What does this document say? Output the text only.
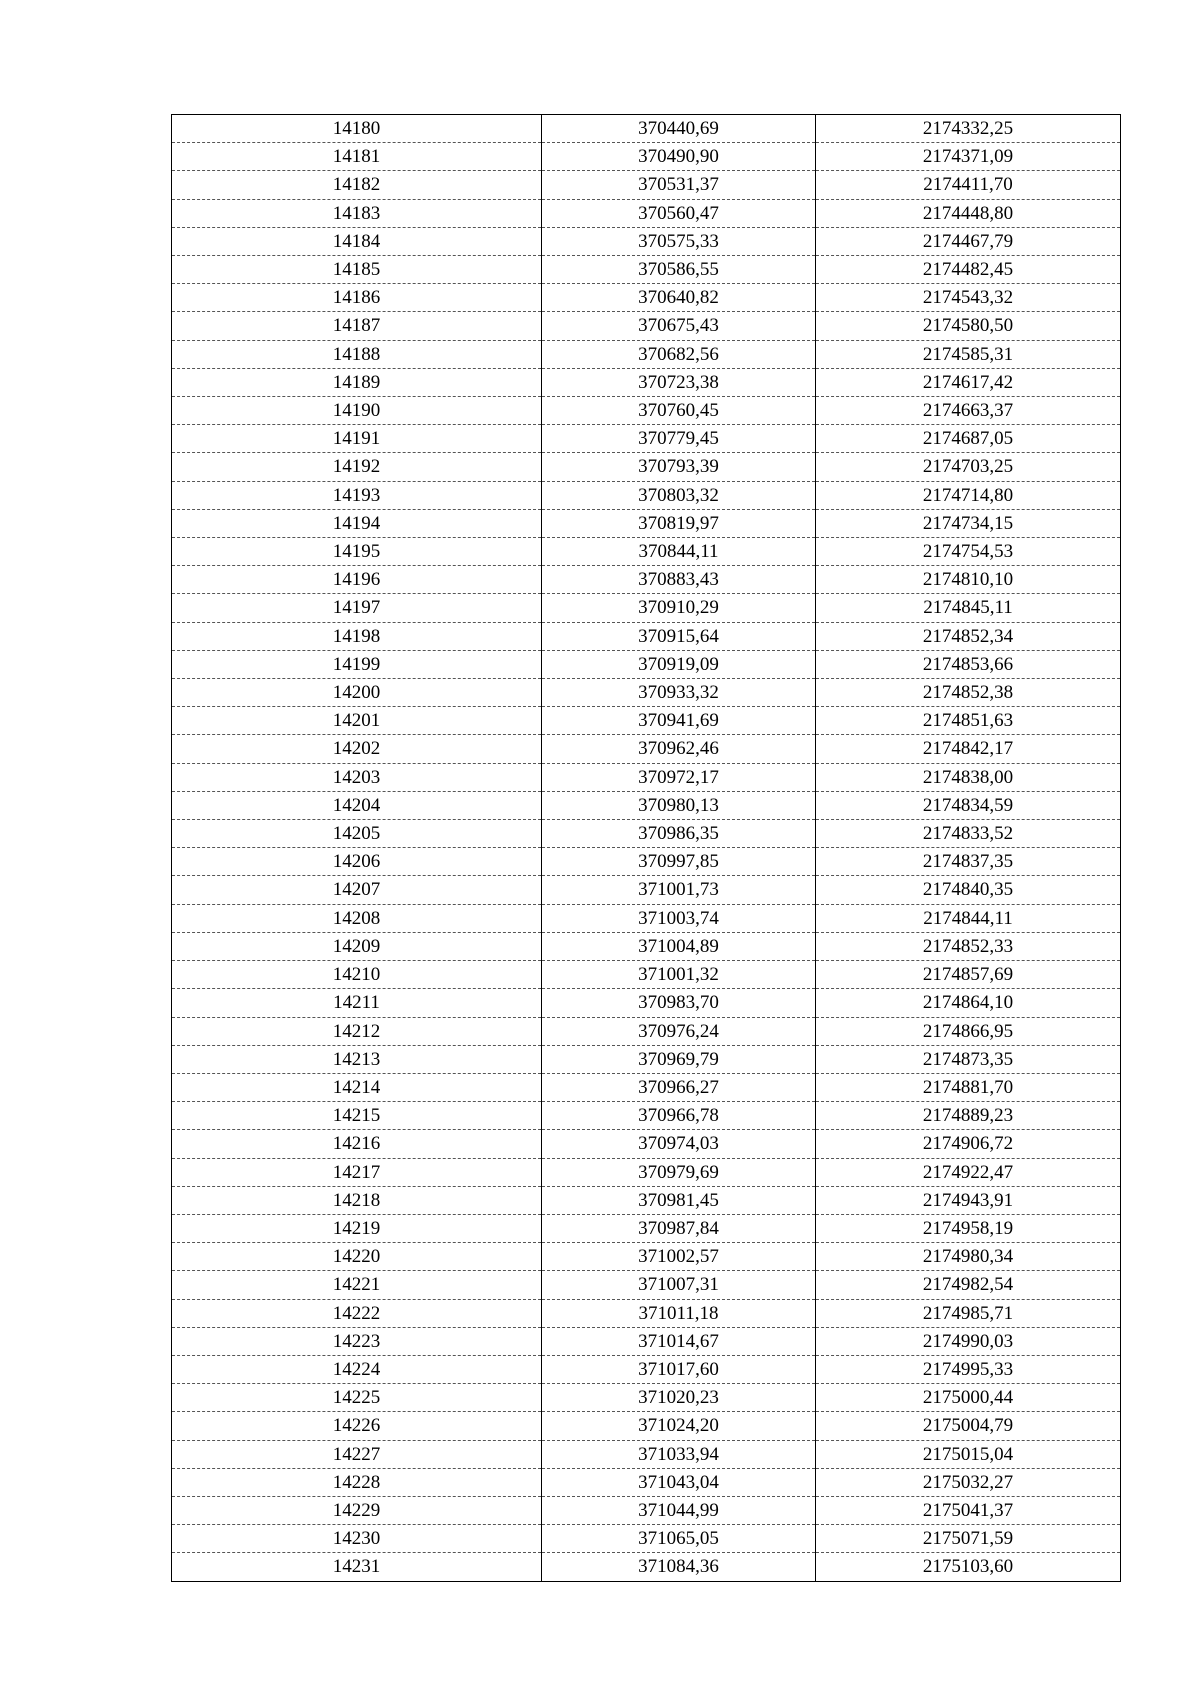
14180	370440,69	2174332,25
14181	370490,90	2174371,09
14182	370531,37	2174411,70
14183	370560,47	2174448,80
14184	370575,33	2174467,79
14185	370586,55	2174482,45
14186	370640,82	2174543,32
14187	370675,43	2174580,50
14188	370682,56	2174585,31
14189	370723,38	2174617,42
14190	370760,45	2174663,37
14191	370779,45	2174687,05
14192	370793,39	2174703,25
14193	370803,32	2174714,80
14194	370819,97	2174734,15
14195	370844,11	2174754,53
14196	370883,43	2174810,10
14197	370910,29	2174845,11
14198	370915,64	2174852,34
14199	370919,09	2174853,66
14200	370933,32	2174852,38
14201	370941,69	2174851,63
14202	370962,46	2174842,17
14203	370972,17	2174838,00
14204	370980,13	2174834,59
14205	370986,35	2174833,52
14206	370997,85	2174837,35
14207	371001,73	2174840,35
14208	371003,74	2174844,11
14209	371004,89	2174852,33
14210	371001,32	2174857,69
14211	370983,70	2174864,10
14212	370976,24	2174866,95
14213	370969,79	2174873,35
14214	370966,27	2174881,70
14215	370966,78	2174889,23
14216	370974,03	2174906,72
14217	370979,69	2174922,47
14218	370981,45	2174943,91
14219	370987,84	2174958,19
14220	371002,57	2174980,34
14221	371007,31	2174982,54
14222	371011,18	2174985,71
14223	371014,67	2174990,03
14224	371017,60	2174995,33
14225	371020,23	2175000,44
14226	371024,20	2175004,79
14227	371033,94	2175015,04
14228	371043,04	2175032,27
14229	371044,99	2175041,37
14230	371065,05	2175071,59
14231	371084,36	2175103,60
